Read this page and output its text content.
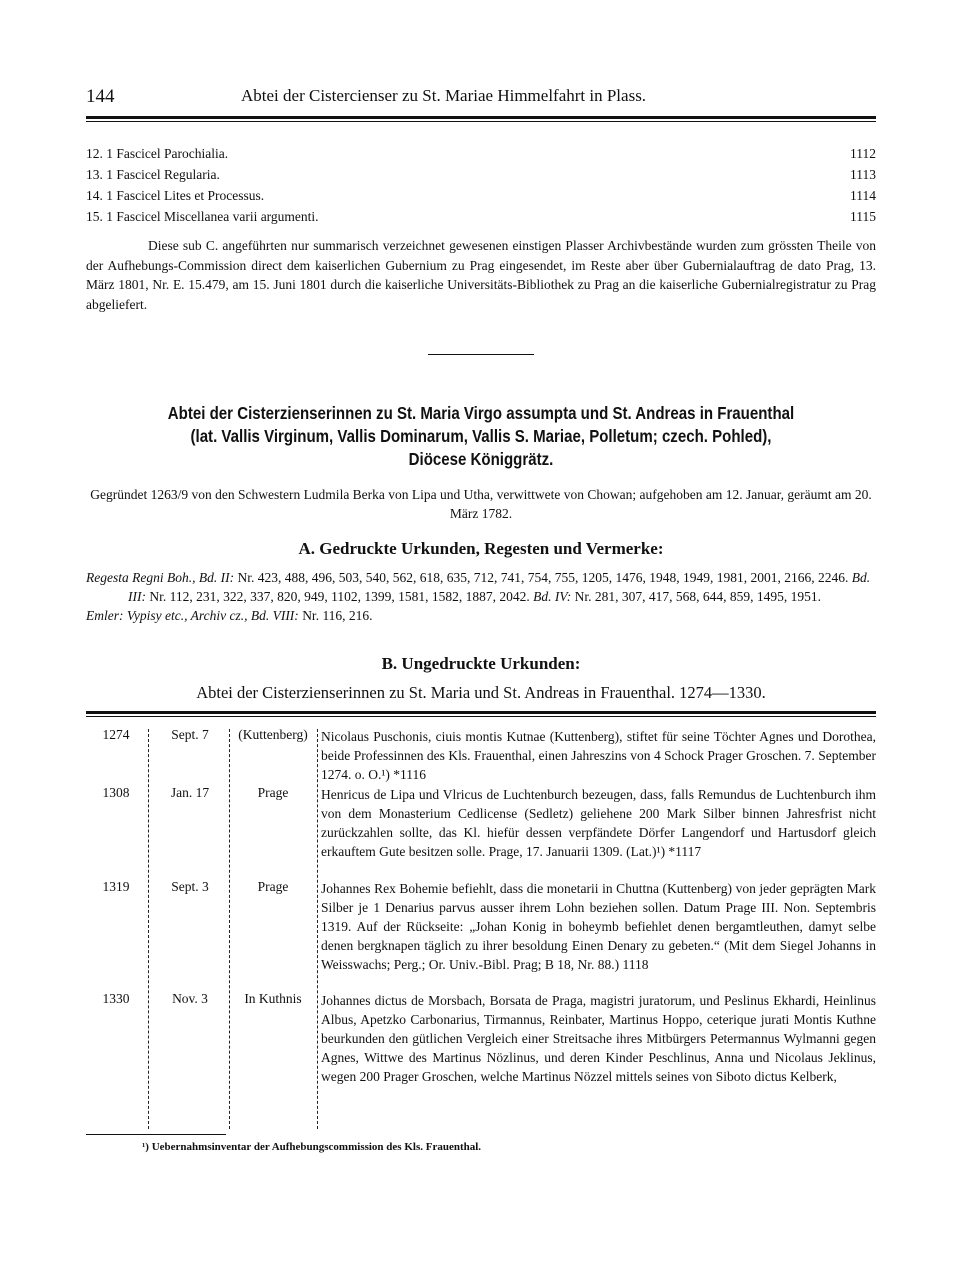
144	Abtei der Cistercienser zu St. Mariae Himmelfahrt in Plass.
12. 1 Fascicel Parochialia.	1112
13. 1 Fascicel Regularia.	1113
14. 1 Fascicel Lites et Processus.	1114
15. 1 Fascicel Miscellanea varii argumenti.	1115
Diese sub C. angeführten nur summarisch verzeichnet gewesenen einstigen Plasser Archivbestände wurden zum grössten Theile von der Aufhebungs-Commission direct dem kaiserlichen Gubernium zu Prag eingesendet, im Reste aber über Gubernialauftrag de dato Prag, 13. März 1801, Nr. E. 15.479, am 15. Juni 1801 durch die kaiserliche Universitäts-Bibliothek zu Prag an die kaiserliche Gubernialregistratur zu Prag abgeliefert.
Abtei der Cisterzienserinnen zu St. Maria Virgo assumpta und St. Andreas in Frauenthal
(lat. Vallis Virginum, Vallis Dominarum, Vallis S. Mariae, Polletum; czech. Pohled),
Diöcese Königgrätz.
Gegründet 1263/9 von den Schwestern Ludmila Berka von Lipa und Utha, verwittwete von Chowan; aufgehoben am 12. Januar, geräumt am 20. März 1782.
A. Gedruckte Urkunden, Regesten und Vermerke:
Regesta Regni Boh., Bd. II: Nr. 423, 488, 496, 503, 540, 562, 618, 635, 712, 741, 754, 755, 1205, 1476, 1948, 1949, 1981, 2001, 2166, 2246. Bd. III: Nr. 112, 231, 322, 337, 820, 949, 1102, 1399, 1581, 1582, 1887, 2042. Bd. IV: Nr. 281, 307, 417, 568, 644, 859, 1495, 1951.
Emler: Vypisy etc., Archiv cz., Bd. VIII: Nr. 116, 216.
B. Ungedruckte Urkunden:
Abtei der Cisterzienserinnen zu St. Maria und St. Andreas in Frauenthal. 1274—1330.
1274	Sept. 7	(Kuttenberg) Nicolaus Puschonis, ciuis montis Kutnae (Kuttenberg), stiftet für seine Töchter Agnes und Dorothea, beide Professinnen des Kls. Frauenthal, einen Jahreszins von 4 Schock Prager Groschen. 7. September 1274. o. O.¹) *1116
1308	Jan. 17	Prage	Henricus de Lipa und Vlricus de Luchtenburch bezeugen, dass, falls Remundus de Luchtenburch ihm von dem Monasterium Cedlicense (Sedletz) geliehene 200 Mark Silber binnen Jahresfrist nicht zurückzahlen sollte, das Kl. hiefür dessen verpfändete Dörfer Langendorf und Hartusdorf gleich erkauftem Gute besitzen solle. Prage, 17. Januarii 1309. (Lat.)¹) *1117
1319	Sept. 3	Prage	Johannes Rex Bohemie befiehlt, dass die monetarii in Chuttna (Kuttenberg) von jeder geprägten Mark Silber je 1 Denarius parvus ausser ihrem Lohn beziehen sollen. Datum Prage III. Non. Septembris 1319. Auf der Rückseite: „Johan Konig in boheymb befiehlet denen bergamtleuthen, damyt selbe denen bergknapen täglich zu ihrer besoldung Einen Denary zu gebeten.“ (Mit dem Siegel Johanns in Weisswachs; Perg.; Or. Univ.-Bibl. Prag; B 18, Nr. 88.) 1118
1330	Nov. 3	In Kuthnis	Johannes dictus de Morsbach, Borsata de Praga, magistri juratorum, und Peslinus Ekhardi, Heinlinus Albus, Apetzko Carbonarius, Tirmannus, Reinbater, Martinus Hoppo, ceterique jurati Montis Kuthne beurkunden den gütlichen Vergleich einer Streitsache ihres Mitbürgers Petermannus Wylmanni gegen Agnes, Wittwe des Martinus Nözlinus, und deren Kinder Peschlinus, Anna und Nicolaus Jeklinus, wegen 200 Prager Groschen, welche Martinus Nözzel mittels seines von Siboto dictus Kelberk,
¹) Uebernahmsinventar der Aufhebungscommission des Kls. Frauenthal.
